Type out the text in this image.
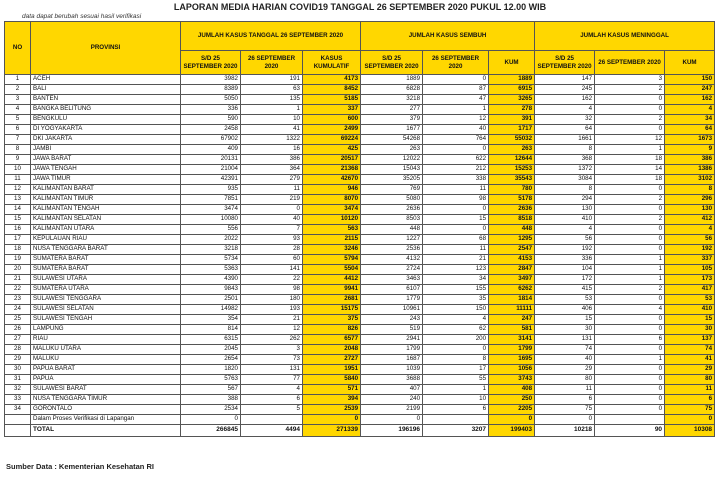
LAPORAN MEDIA HARIAN COVID19 TANGGAL 26 SEPTEMBER 2020 PUKUL 12.00 WIB
data dapat berubah sesuai hasil verifikasi
NO	PROVINSI	JUMLAH KASUS TANGGAL 26 SEPTEMBER 2020			JUMLAH KASUS SEMBUH			JUMLAH KASUS MENINGGAL		
		S/D 25 SEPTEMBER 2020	26 SEPTEMBER 2020	KASUS KUMULATIF	S/D 25 SEPTEMBER 2020	26 SEPTEMBER 2020	KUM	S/D 25 SEPTEMBER 2020	26 SEPTEMBER 2020	KUM
1	ACEH	3982	191	4173	1889	0	1889	147	3	150
2	BALI	8389	63	8452	6828	87	6915	245	2	247
3	BANTEN	5050	135	5185	3218	47	3265	162	0	162
4	BANGKA BELITUNG	336	1	337	277	1	278	4	0	4
5	BENGKULU	590	10	600	379	12	391	32	2	34
6	DI YOGYAKARTA	2458	41	2499	1677	40	1717	64	0	64
7	DKI JAKARTA	67902	1322	69224	54268	764	55032	1661	12	1673
8	JAMBI	409	16	425	263	0	263	8	1	9
9	JAWA BARAT	20131	386	20517	12022	622	12644	368	18	386
10	JAWA TENGAH	21004	364	21368	15043	212	15253	1372	14	1386
11	JAWA TIMUR	42391	279	42670	35205	338	35543	3084	18	3102
12	KALIMANTAN BARAT	935	11	946	769	11	780	8	0	8
13	KALIMANTAN TIMUR	7851	219	8070	5080	98	5178	294	2	296
14	KALIMANTAN TENGAH	3474	0	3474	2636	0	2636	130	0	130
15	KALIMANTAN SELATAN	10080	40	10120	8503	15	8518	410	2	412
16	KALIMANTAN UTARA	556	7	563	448	0	448	4	0	4
17	KEPULAUAN RIAU	2022	93	2115	1227	68	1295	56	0	56
18	NUSA TENGGARA BARAT	3218	28	3246	2536	11	2547	192	0	192
19	SUMATERA BARAT	5734	60	5794	4132	21	4153	336	1	337
20	SUMATERA BARAT	5363	141	5504	2724	123	2847	104	1	105
21	SULAWESI UTARA	4390	22	4412	3463	34	3497	172	1	173
22	SUMATERA UTARA	9843	98	9941	6107	155	6262	415	2	417
23	SULAWESI TENGGARA	2501	180	2681	1779	35	1814	53	0	53
24	SULAWESI SELATAN	14982	193	15175	10961	150	11111	406	4	410
25	SULAWESI TENGAH	354	21	375	243	4	247	15	0	15
26	LAMPUNG	814	12	826	519	62	581	30	0	30
27	RIAU	6315	262	6577	2941	200	3141	131	6	137
28	MALUKU UTARA	2045	3	2048	1799	0	1799	74	0	74
29	MALUKU	2654	73	2727	1687	8	1695	40	1	41
30	PAPUA BARAT	1820	131	1951	1039	17	1056	29	0	29
31	PAPUA	5763	77	5840	3688	55	3743	80	0	80
32	SULAWESI BARAT	567	4	571	407	1	408	11	0	11
33	NUSA TENGGARA TIMUR	388	6	394	240	10	250	6	0	6
34	GORONTALO	2534	5	2539	2199	6	2205	75	0	75
	Dalam Proses Verifikasi di Lapangan	0		0	0		0	0		0
	TOTAL	266845	4494	271339	196196	3207	199403	10218	90	10308
Sumber Data : Kementerian Kesehatan RI
